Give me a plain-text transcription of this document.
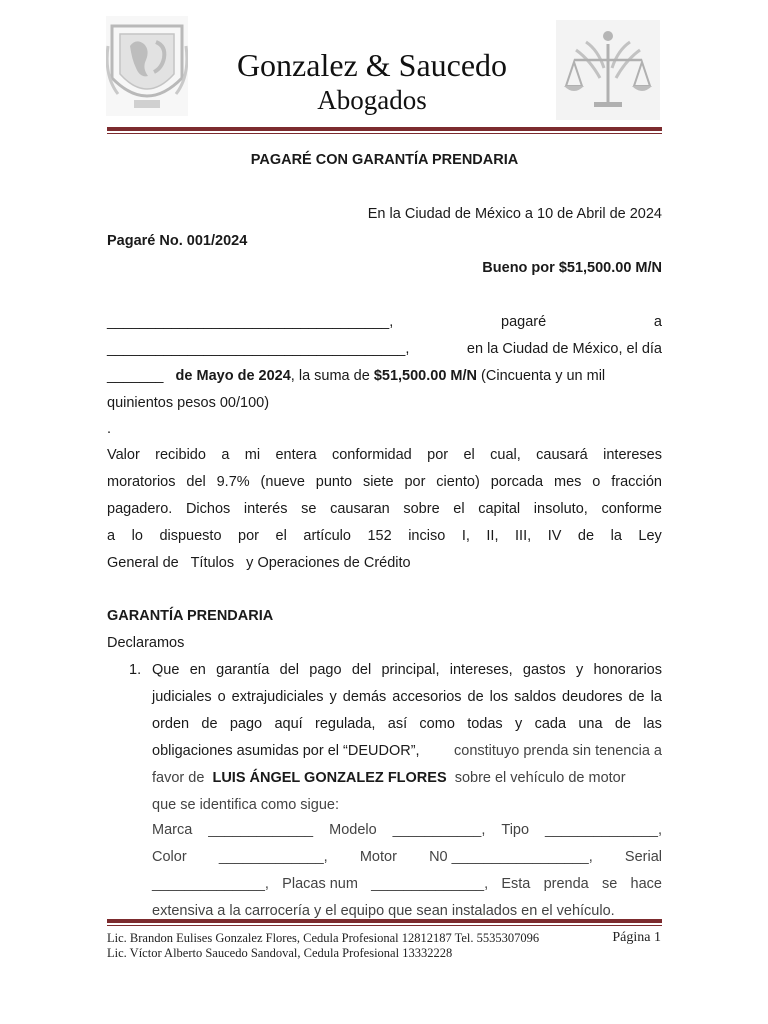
Gonzalez & Saucedo
Abogados
PAGARÉ CON GARANTÍA PRENDARIA
En la Ciudad de México a 10 de Abril de 2024
Pagaré No. 001/2024
Bueno por $51,500.00 M/N
___________________________________,	pagaré	a
_____________________________________,	en la Ciudad de México, el día
_______ de Mayo de 2024, la suma de $51,500.00 M/N (Cincuenta y un mil
quinientos pesos 00/100)
.
Valor recibido a mi entera conformidad por el cual, causará intereses
moratorios del 9.7% (nueve punto siete por ciento) porcada mes o fracción
pagadero. Dichos interés se causaran sobre el capital insoluto, conforme
a lo dispuesto por el artículo 152 inciso I, II, III, IV de la Ley
General de   Títulos   y Operaciones de Crédito
GARANTÍA PRENDARIA
Declaramos
1. Que en garantía del pago del principal, intereses, gastos y honorarios
judiciales o extrajudiciales y demás accesorios de los saldos deudores de la
orden de pago aquí regulada, así como todas y cada una de las
obligaciones asumidas por el “DEUDOR”, constituyo prenda sin tenencia a
favor de LUIS ÁNGEL GONZALEZ FLORES sobre el vehículo de motor
que se identifica como sigue:
Marca _____________ Modelo ___________, Tipo ______________,
Color _____________, Motor N0 _________________, Serial
______________, Placas num ______________, Esta prenda se hace
extensiva a la carrocería y el equipo que sean instalados en el vehículo.
Lic. Brandon Eulises Gonzalez Flores, Cedula Profesional 12812187 Tel. 5535307096
Lic. Víctor Alberto Saucedo Sandoval, Cedula Profesional 13332228
Página 1
